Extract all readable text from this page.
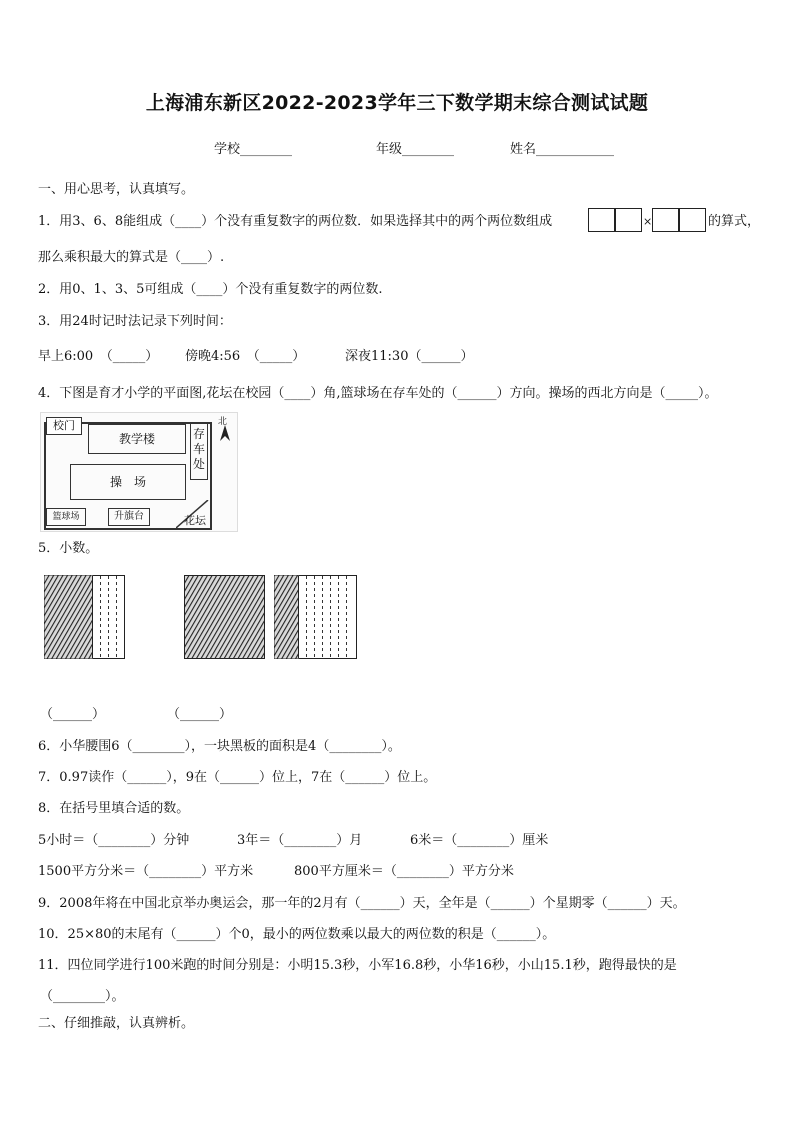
上海浦东新区2022-2023学年三下数学期末综合测试试题
学校________	年级________	姓名____________
一、用心思考，认真填写。
1．用3、6、8能组成（____）个没有重复数字的两位数．如果选择其中的两个两位数组成	×	的算式，
那么乘积最大的算式是（____）.
2．用0、1、3、5可组成（____）个没有重复数字的两位数.
3．用24时记时法记录下列时间：
早上6:00　（_____） 傍晚4:56　（_____）	深夜11:30（______）
4．下图是育才小学的平面图,花坛在校园（____）角,篮球场在存车处的（______）方向。操场的西北方向是（_____）。
校门
教学楼
操　场
存车处
篮球场	升旗台	花坛
北
5．小数。
（______）	（______）
6．小华腰围6（________），一块黑板的面积是4（________）。
7．0.97读作（______），9在（______）位上，7在（______）位上。
8．在括号里填合适的数。
5小时＝（________）分钟	3年＝（________）月	6米＝（________）厘米
1500平方分米＝（________）平方米	800平方厘米＝（________）平方分米
9．2008年将在中国北京举办奥运会，那一年的2月有（______）天，全年是（______）个星期零（______）天。
10．25×80的末尾有（______）个0，最小的两位数乘以最大的两位数的积是（______）。
11．四位同学进行100米跑的时间分别是：小明15.3秒，小军16.8秒，小华16秒，小山15.1秒，跑得最快的是
（________）。
二、仔细推敲，认真辨析。
